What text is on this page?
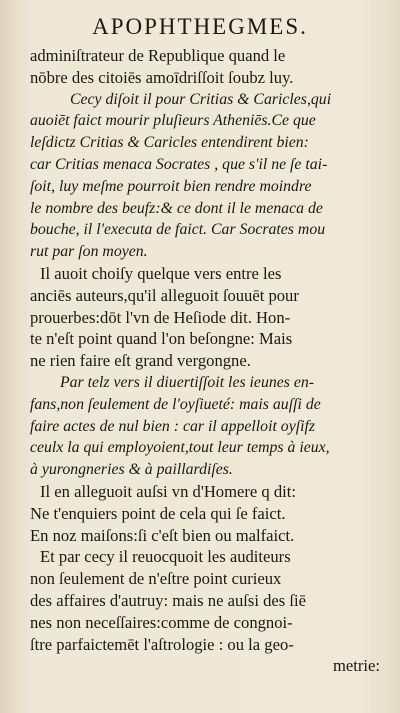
APOPHTHEGMES.
adminiſtrateur de Republique quand le
nōbre des citoiēs amoīdriſſoit ſoubz luy.
Cecy diſoit il pour Critias & Caricles,qui
auoiēt faict mourir pluſieurs Atheniēs.Ce que
leſdictz Critias & Caricles entendirent bien:
car Critias menaca Socrates , que s'il ne ſe tai-
ſoit, luy meſme pourroit bien rendre moindre
le nombre des beufz:& ce dont il le menaca de
bouche, il l'executa de faict. Car Socrates mou
rut par ſon moyen.
Il auoit choiſy quelque vers entre les
anciēs auteurs,qu'il alleguoit ſouuēt pour
prouerbes:dōt l'vn de Heſiode dit. Hon-
te n'eſt point quand l'on beſongne: Mais
ne rien faire eſt grand vergongne.
Par telz vers il diuertiſſoit les ieunes en-
fans,non ſeulement de l'oyſiueté: mais auſſi de
faire actes de nul bien : car il appelloit oyſifz
ceulx la qui employoient,tout leur temps à ieux,
à yurongneries & à paillardiſes.
Il en alleguoit auſsi vn d'Homere q dit:
Ne t'enquiers point de cela qui ſe faict.
En noz maiſons:ſi c'eſt bien ou malfaict.
Et par cecy il reuocquoit les auditeurs
non ſeulement de n'eſtre point curieux
des affaires d'autruy: mais ne auſsi des ſiē
nes non neceſſaires:comme de congnoi-
ſtre parfaictemēt l'aſtrologie : ou la geo-
metrie:
